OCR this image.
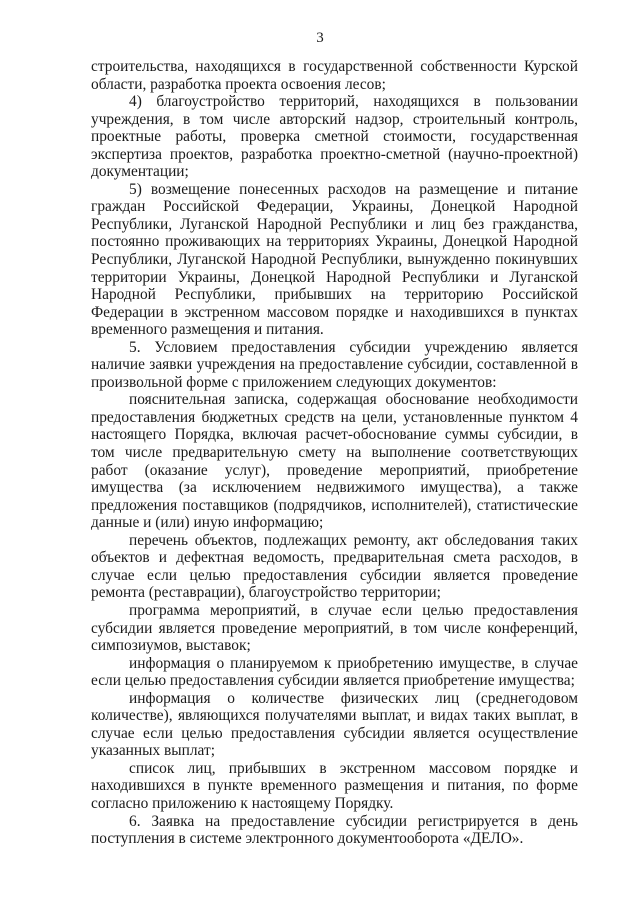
3

строительства, находящихся в государственной собственности Курской области, разработка проекта освоения лесов;

4) благоустройство территорий, находящихся в пользовании учреждения, в том числе авторский надзор, строительный контроль, проектные работы, проверка сметной стоимости, государственная экспертиза проектов, разработка проектно-сметной (научно-проектной) документации;

5) возмещение понесенных расходов на размещение и питание граждан Российской Федерации, Украины, Донецкой Народной Республики, Луганской Народной Республики и лиц без гражданства, постоянно проживающих на территориях Украины, Донецкой Народной Республики, Луганской Народной Республики, вынужденно покинувших территории Украины, Донецкой Народной Республики и Луганской Народной Республики, прибывших на территорию Российской Федерации в экстренном массовом порядке и находившихся в пунктах временного размещения и питания.

5. Условием предоставления субсидии учреждению является наличие заявки учреждения на предоставление субсидии, составленной в произвольной форме с приложением следующих документов:

пояснительная записка, содержащая обоснование необходимости предоставления бюджетных средств на цели, установленные пунктом 4 настоящего Порядка, включая расчет-обоснование суммы субсидии, в том числе предварительную смету на выполнение соответствующих работ (оказание услуг), проведение мероприятий, приобретение имущества (за исключением недвижимого имущества), а также предложения поставщиков (подрядчиков, исполнителей), статистические данные и (или) иную информацию;

перечень объектов, подлежащих ремонту, акт обследования таких объектов и дефектная ведомость, предварительная смета расходов, в случае если целью предоставления субсидии является проведение ремонта (реставрации), благоустройство территории;

программа мероприятий, в случае если целью предоставления субсидии является проведение мероприятий, в том числе конференций, симпозиумов, выставок;

информация о планируемом к приобретению имуществе, в случае если целью предоставления субсидии является приобретение имущества;

информация о количестве физических лиц (среднегодовом количестве), являющихся получателями выплат, и видах таких выплат, в случае если целью предоставления субсидии является осуществление указанных выплат;

список лиц, прибывших в экстренном массовом порядке и находившихся в пункте временного размещения и питания, по форме согласно приложению к настоящему Порядку.

6. Заявка на предоставление субсидии регистрируется в день поступления в системе электронного документооборота «ДЕЛО».
